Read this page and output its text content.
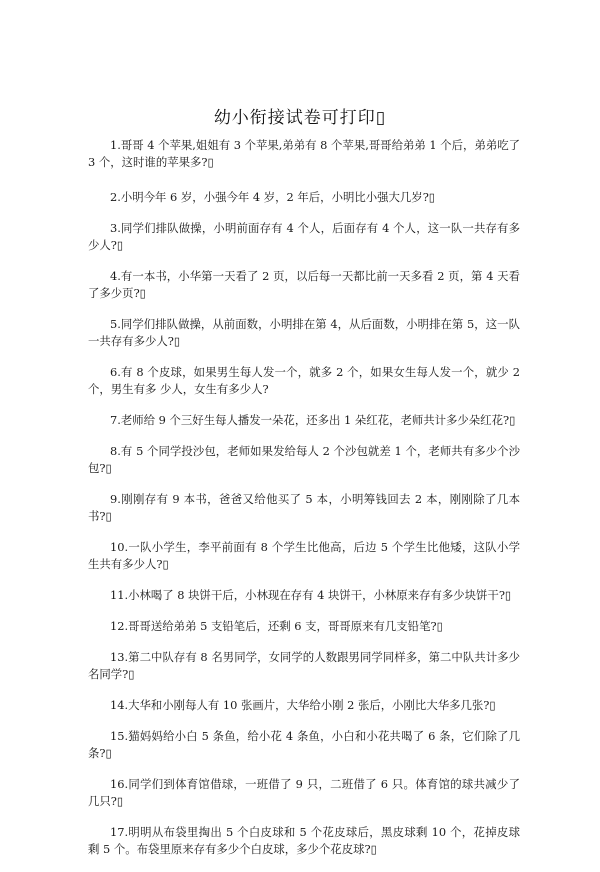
幼小衔接试卷可打印▯
1.哥哥 4 个苹果,姐姐有 3 个苹果,弟弟有 8 个苹果,哥哥给弟弟 1 个后，弟弟吃了 3 个，这时谁的苹果多?▯
2.小明今年 6 岁，小强今年 4 岁，2 年后，小明比小强大几岁?▯
3.同学们排队做操，小明前面存有 4 个人，后面存有 4 个人，这一队一共存有多少人?▯
4.有一本书，小华第一天看了 2 页，以后每一天都比前一天多看 2 页，第 4 天看了多少页?▯
5.同学们排队做操，从前面数，小明排在第 4，从后面数，小明排在第 5，这一队一共存有多少人?▯
6.有 8 个皮球，如果男生每人发一个，就多 2 个，如果女生每人发一个，就少 2 个，男生有多 少人，女生有多少人?
7.老师给 9 个三好生每人播发一朵花，还多出 1 朵红花，老师共计多少朵红花?▯
8.有 5 个同学投沙包，老师如果发给每人 2 个沙包就差 1 个，老师共有多少个沙包?▯
9.刚刚存有 9 本书，爸爸又给他买了 5 本，小明筹钱回去 2 本，刚刚除了几本书?▯
10.一队小学生，李平前面有 8 个学生比他高，后边 5 个学生比他矮，这队小学生共有多少人?▯
11.小林喝了 8 块饼干后，小林现在存有 4 块饼干，小林原来存有多少块饼干?▯
12.哥哥送给弟弟 5 支铅笔后，还剩 6 支，哥哥原来有几支铅笔?▯
13.第二中队存有 8 名男同学，女同学的人数跟男同学同样多，第二中队共计多少名同学?▯
14.大华和小刚每人有 10 张画片，大华给小刚 2 张后，小刚比大华多几张?▯
15.猫妈妈给小白 5 条鱼，给小花 4 条鱼，小白和小花共喝了 6 条，它们除了几条?▯
16.同学们到体育馆借球，一班借了 9 只，二班借了 6 只。体育馆的球共减少了几只?▯
17.明明从布袋里掏出 5 个白皮球和 5 个花皮球后，黑皮球剩 10 个，花掉皮球剩 5 个。布袋里原来存有多少个白皮球，多少个花皮球?▯
